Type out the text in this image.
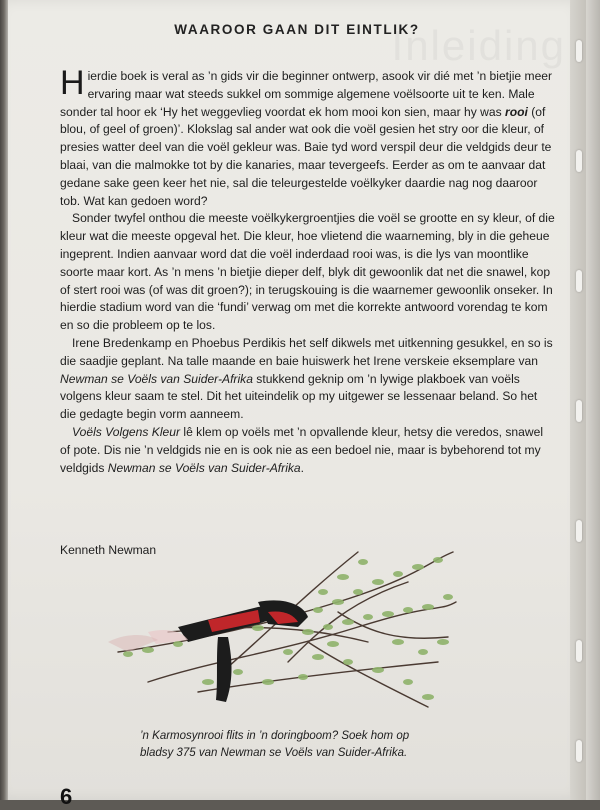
Inleiding
WAAROOR GAAN DIT EINTLIK?

Hierdie boek is veral as ’n gids vir die beginner ontwerp, asook vir dié met ’n bietjie meer ervaring maar wat steeds sukkel om sommige algemene voëlsoorte uit te ken. Male sonder tal hoor ek ‘Hy het weggevlieg voordat ek hom mooi kon sien, maar hy was rooi (of blou, of geel of groen)’. Klokslag sal ander wat ook die voël gesien het stry oor die kleur, of presies watter deel van die voël gekleur was. Baie tyd word verspil deur die veldgids deur te blaai, van die malmokke tot by die kanaries, maar tevergeefs. Eerder as om te aanvaar dat gedane sake geen keer het nie, sal die teleurgestelde voëlkyker daardie nag nog daaroor tob. Wat kan gedoen word?

Sonder twyfel onthou die meeste voëlkykergroentjies die voël se grootte en sy kleur, of die kleur wat die meeste opgeval het. Die kleur, hoe vlietend die waarneming, bly in die geheue ingeprent. Indien aanvaar word dat die voël inderdaad rooi was, is die lys van moontlike soorte maar kort. As ’n mens ’n bietjie dieper delf, blyk dit gewoonlik dat net die snawel, kop of stert rooi was (of was dit groen?); in terugskouing is die waarnemer gewoonlik onseker. In hierdie stadium word van die ‘fundi’ verwag om met die korrekte antwoord vorendag te kom en so die probleem op te los.

Irene Bredenkamp en Phoebus Perdikis het self dikwels met uitkenning gesukkel, en so is die saadjie geplant. Na talle maande en baie huiswerk het Irene verskeie eksemplare van Newman se Voëls van Suider-Afrika stukkend geknip om ’n lywige plakboek van voëls volgens kleur saam te stel. Dit het uiteindelik op my uitgewer se lessenaar beland. So het die gedagte begin vorm aanneem.

Voëls Volgens Kleur lê klem op voëls met ’n opvallende kleur, hetsy die veredos, snawel of pote. Dis nie ’n veldgids nie en is ook nie as een bedoel nie, maar is bybehorend tot my veldgids Newman se Voëls van Suider-Afrika.

Kenneth Newman
’n Karmosynrooi flits in ’n doringboom? Soek hom op bladsy 375 van Newman se Voëls van Suider-Afrika.
6
